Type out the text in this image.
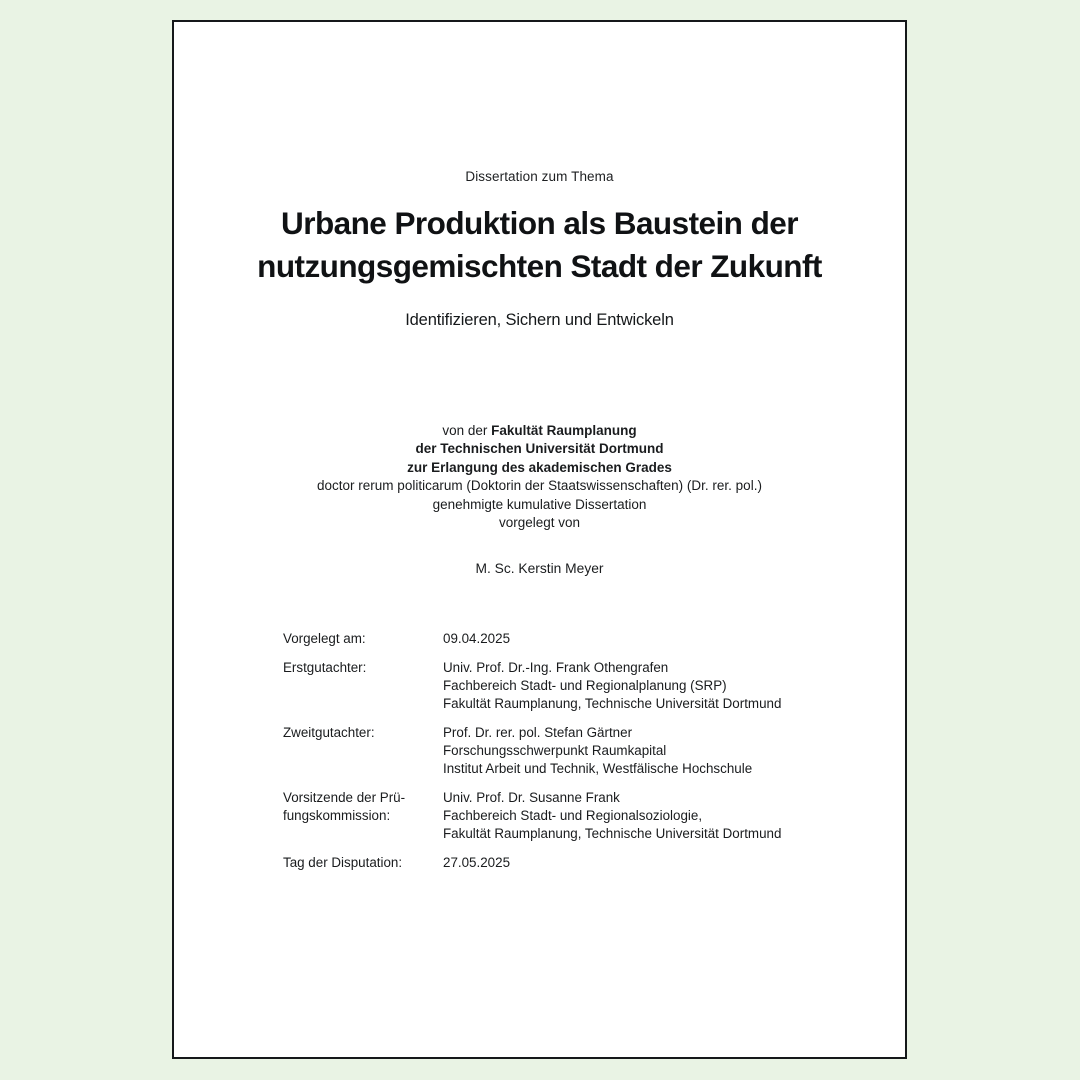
Dissertation zum Thema
Urbane Produktion als Baustein der
nutzungsgemischten Stadt der Zukunft
Identifizieren, Sichern und Entwickeln
von der Fakultät Raumplanung
der Technischen Universität Dortmund
zur Erlangung des akademischen Grades
doctor rerum politicarum (Doktorin der Staatswissenschaften) (Dr. rer. pol.)
genehmigte kumulative Dissertation
vorgelegt von
M. Sc. Kerstin Meyer
Vorgelegt am:	09.04.2025
Erstgutachter:	Univ. Prof. Dr.-Ing. Frank Othengrafen
Fachbereich Stadt- und Regionalplanung (SRP)
Fakultät Raumplanung, Technische Universität Dortmund
Zweitgutachter:	Prof. Dr. rer. pol. Stefan Gärtner
Forschungsschwerpunkt Raumkapital
Institut Arbeit und Technik, Westfälische Hochschule
Vorsitzende der Prü-
fungskommission:
Univ. Prof. Dr. Susanne Frank
Fachbereich Stadt- und Regionalsoziologie,
Fakultät Raumplanung, Technische Universität Dortmund
Tag der Disputation:	27.05.2025
